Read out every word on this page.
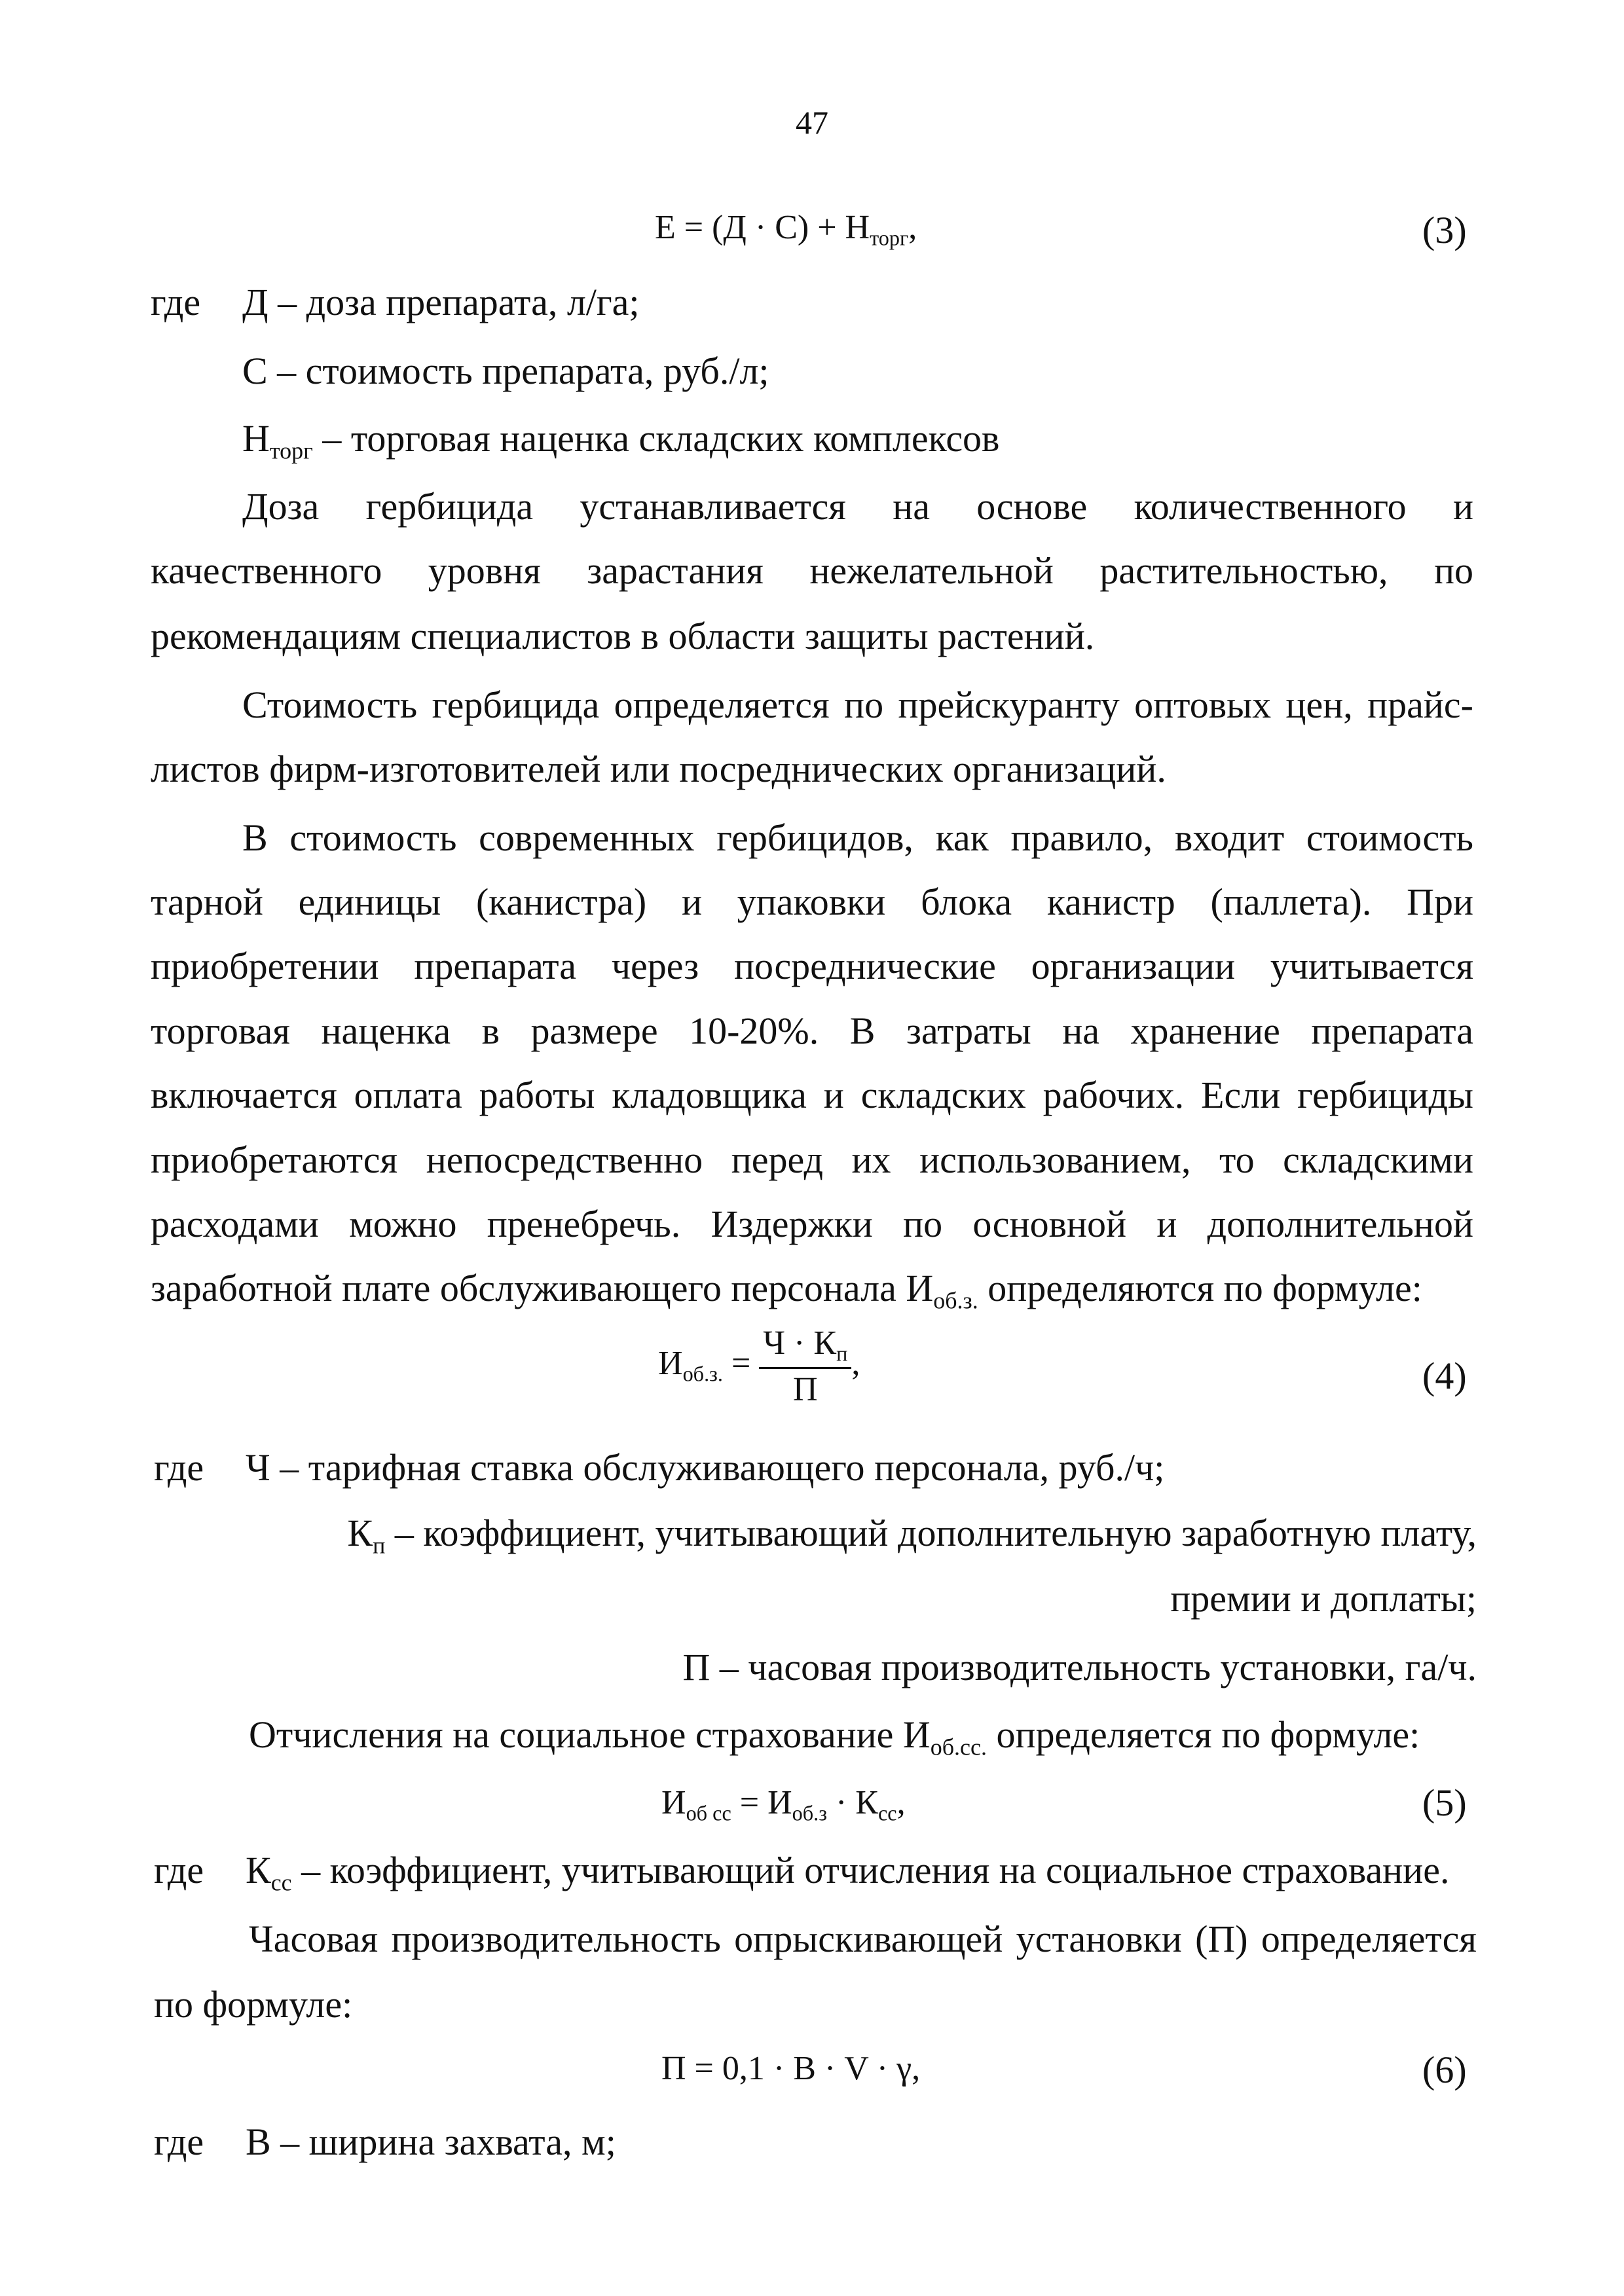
47
$Е = (Д \cdot С) + Н_{торг}$,	(3)
где Д – доза препарата, л/га;
С – стоимость препарата, руб./л;
$Н_{торг}$ – торговая наценка складских комплексов
Доза гербицида устанавливается на основе количественного и
качественного уровня зарастания нежелательной растительностью, по
рекомендациям специалистов в области защиты растений.
Стоимость гербицида определяется по прейскуранту оптовых цен, прайс-
листов фирм-изготовителей или посреднических организаций.
В стоимость современных гербицидов, как правило, входит стоимость
тарной единицы (канистра) и упаковки блока канистр (паллета). При
приобретении препарата через посреднические организации учитывается
торговая наценка в размере 10-20%. В затраты на хранение препарата
включается оплата работы кладовщика и складских рабочих. Если гербициды
приобретаются непосредственно перед их использованием, то складскими
расходами можно пренебречь. Издержки по основной и дополнительной
заработной плате обслуживающего персонала $И_{об.з.}$ определяются по формуле:
$И_{об.з.} = \frac{Ч \cdot К_п}{П}$ ,	(4)
где Ч – тарифная ставка обслуживающего персонала, руб./ч;
$К_п$ – коэффициент, учитывающий дополнительную заработную плату,
премии и доплаты;
П – часовая производительность установки, га/ч.
Отчисления на социальное страхование $И_{об.сс.}$ определяется по формуле:
$И_{об сс} = И_{об.з} \cdot К_{сс}$,	(5)
где $К_{сс}$ – коэффициент, учитывающий отчисления на социальное страхование.
Часовая производительность опрыскивающей установки (П) определяется
по формуле:
П = 0,1 · В · V · γ,	(6)
где В – ширина захвата, м;
